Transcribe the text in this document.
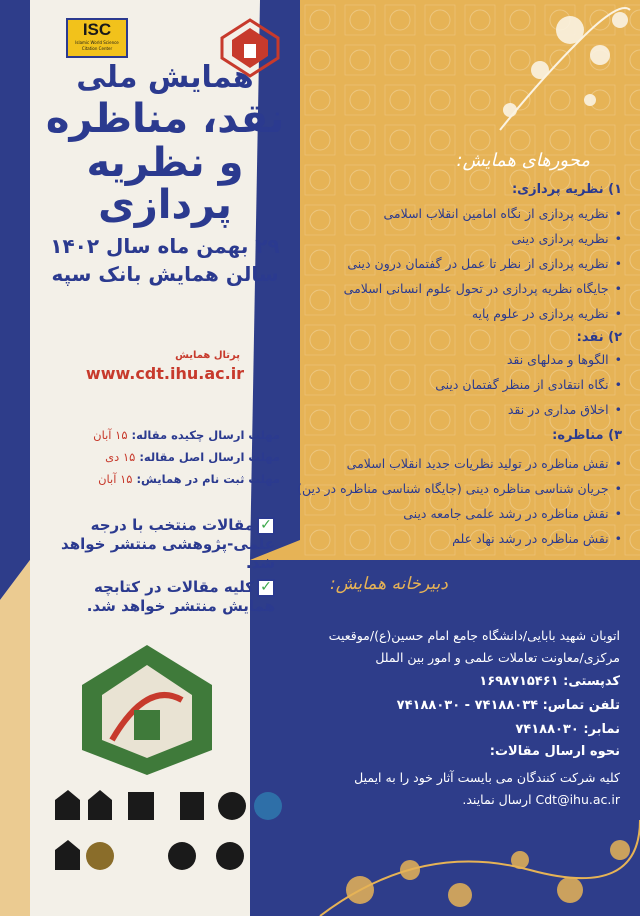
ISC
Islamic World Science Citation Center
همایش ملی
نقد، مناظره
و نظریه پردازی
۲۹ بهمن ماه سال ۱۴۰۲
سالن همایش بانک سپه
پرتال همایش
www.cdt.ihu.ac.ir
مهلت ارسال چکیده مقاله: ۱۵ آبان
مهلت ارسال اصل مقاله: ۱۵ دی
مهلت ثبت نام در همایش: ۱۵ آبان
✓مقالات منتخب با درجه
علمی-پژوهشی منتشر خواهد
شد.
✓کلیه مقالات در کتابچه
همایش منتشر خواهد شد.
محورهای همایش:
۱) نظریه پردازی:
• نظریه پردازی از نگاه امامین انقلاب اسلامی
• نظریه پردازی دینی
• نظریه پردازی از نظر تا عمل در گفتمان درون دینی
• جایگاه نظریه پردازی در تحول علوم انسانی اسلامی
• نظریه پردازی در علوم پایه
۲) نقد:
• الگوها و مدلهای نقد
• نگاه انتقادی از منظر گفتمان دینی
• اخلاق مداری در نقد
۳) مناظره:
• نقش مناظره در تولید نظریات جدید انقلاب اسلامی
• جریان شناسی مناظره دینی (جایگاه شناسی مناظره در دین)
• نقش مناظره در رشد علمی جامعه دینی
• نقش مناظره در رشد نهاد علم
دبیرخانه همایش:
اتوبان شهید بابایی/دانشگاه جامع امام حسین(ع)/موقعیت
مرکزی/معاونت تعاملات علمی و امور بین الملل
کدپستی: ۱۶۹۸۷۱۵۴۶۱
تلفن تماس: ۷۴۱۸۸۰۳۴ - ۷۴۱۸۸۰۳۰
نمابر: ۷۴۱۸۸۰۳۰
نحوه ارسال مقالات:
کلیه شرکت کنندگان می بایست آثار خود را به ایمیل
Cdt@ihu.ac.ir ارسال نمایند.
